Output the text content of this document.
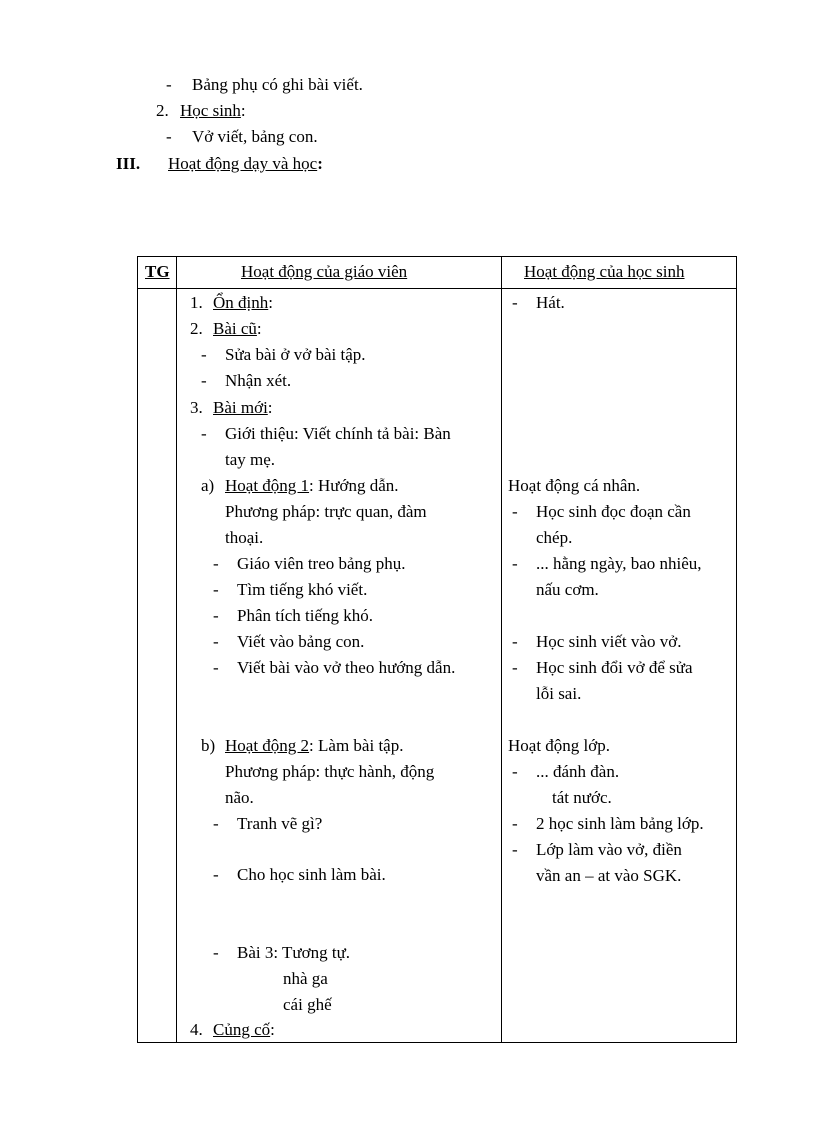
- Bảng phụ có ghi bài viết.
2. Học sinh:
- Vở viết, bảng con.
III. Hoạt động dạy và học:
TG	Hoạt động của giáo viên	Hoạt động của học sinh
1. Ổn định:
2. Bài cũ:
- Sửa bài ở vở bài tập.
- Nhận xét.
3. Bài mới:
- Giới thiệu: Viết chính tả bài: Bàn
tay mẹ.
a) Hoạt động 1: Hướng dẫn.
Phương pháp: trực quan, đàm
thoại.
- Giáo viên treo bảng phụ.
- Tìm tiếng khó viết.
- Phân tích tiếng khó.
- Viết vào bảng con.
- Viết bài vào vở theo hướng dẫn.
b) Hoạt động 2: Làm bài tập.
Phương pháp: thực hành, động
não.
- Tranh vẽ gì?
- Cho học sinh làm bài.
- Bài 3: Tương tự.
nhà ga
cái ghế
4. Củng cố:
- Hát.
Hoạt động cá nhân.
- Học sinh đọc đoạn cần
chép.
- ... hằng ngày, bao nhiêu,
nấu cơm.
- Học sinh viết vào vở.
- Học sinh đổi vở để sửa
lỗi sai.
Hoạt động lớp.
- ... đánh đàn.
tát nước.
- 2 học sinh làm bảng lớp.
- Lớp làm vào vở, điền
vần an – at vào SGK.
